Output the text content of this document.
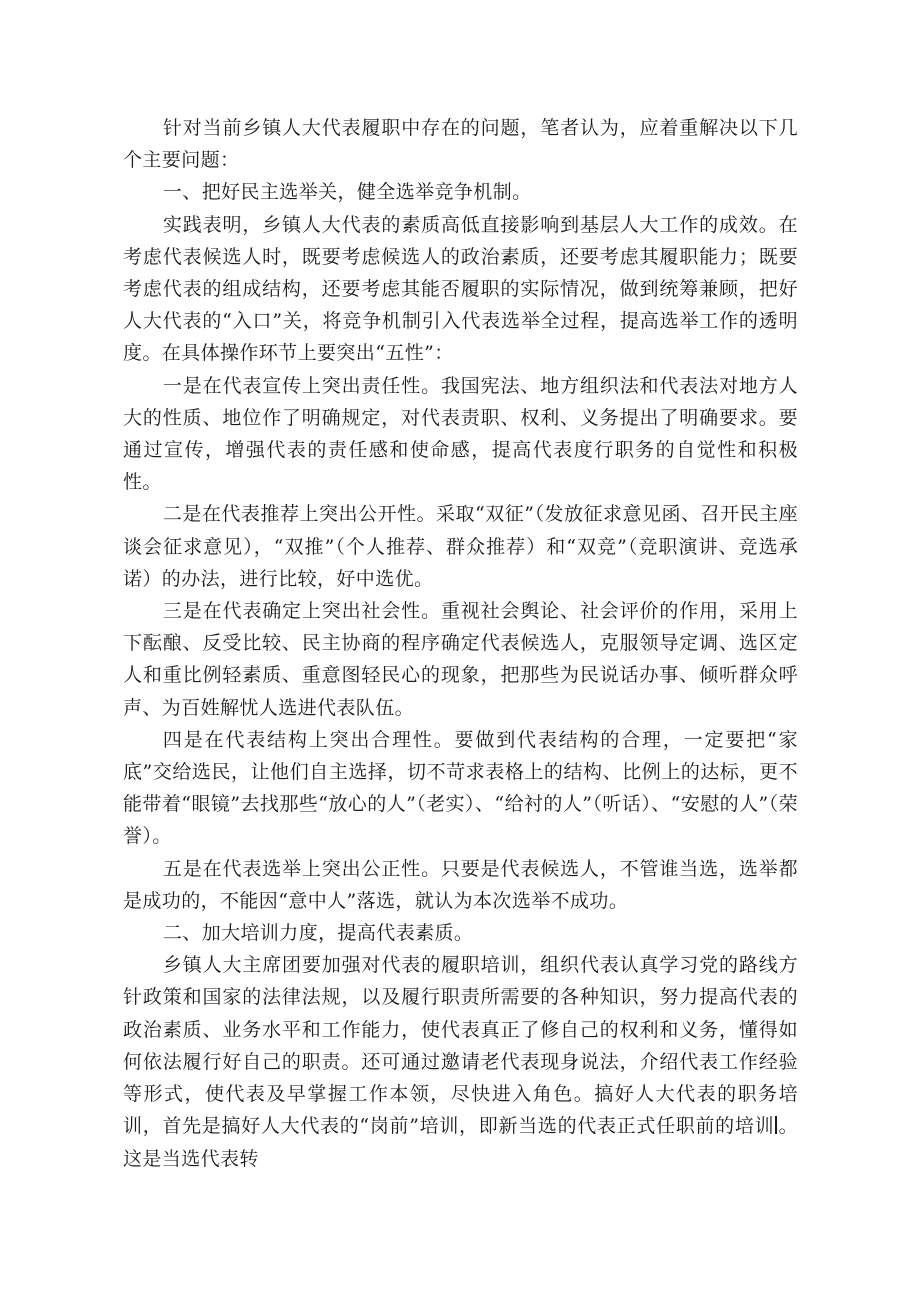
针对当前乡镇人大代表履职中存在的问题，笔者认为，应着重解决以下几个主要问题：

一、把好民主选举关，健全选举竞争机制。

实践表明，乡镇人大代表的素质高低直接影响到基层人大工作的成效。在考虑代表候选人时，既要考虑候选人的政治素质，还要考虑其履职能力；既要考虑代表的组成结构，还要考虑其能否履职的实际情况，做到统筹兼顾，把好人大代表的“入口”关，将竞争机制引入代表选举全过程，提高选举工作的透明度。在具体操作环节上要突出“五性”：

一是在代表宣传上突出责任性。我国宪法、地方组织法和代表法对地方人大的性质、地位作了明确规定，对代表责职、权利、义务提出了明确要求。要通过宣传，增强代表的责任感和使命感，提高代表度行职务的自觉性和积极性。

二是在代表推荐上突出公开性。采取“双征”（发放征求意见函、召开民主座谈会征求意见），“双推”（个人推荐、群众推荐）和“双竞”（竞职演讲、竞选承诺）的办法，进行比较，好中选优。

三是在代表确定上突出社会性。重视社会舆论、社会评价的作用，采用上下酝酿、反受比较、民主协商的程序确定代表候选人，克服领导定调、选区定人和重比例轻素质、重意图轻民心的现象，把那些为民说话办事、倾听群众呼声、为百姓解忧人选进代表队伍。

四是在代表结构上突出合理性。要做到代表结构的合理，一定要把“家底”交给选民，让他们自主选择，切不苛求表格上的结构、比例上的达标，更不能带着“眼镜”去找那些“放心的人”（老实）、“给衬的人”（听话）、“安慰的人”（荣誉）。

五是在代表选举上突出公正性。只要是代表候选人，不管谁当选，选举都是成功的，不能因“意中人”落选，就认为本次选举不成功。

二、加大培训力度，提高代表素质。

乡镇人大主席团要加强对代表的履职培训，组织代表认真学习党的路线方针政策和国家的法律法规，以及履行职责所需要的各种知识，努力提高代表的政治素质、业务水平和工作能力，使代表真正了修自己的权利和义务，懂得如何依法履行好自己的职责。还可通过邀请老代表现身说法，介绍代表工作经验等形式，使代表及早掌握工作本领，尽快进入角色。搞好人大代表的职务培训，首先是搞好人大代表的“岗前”培训，即新当选的代表正式任职前的培训 。这是当选代表转
